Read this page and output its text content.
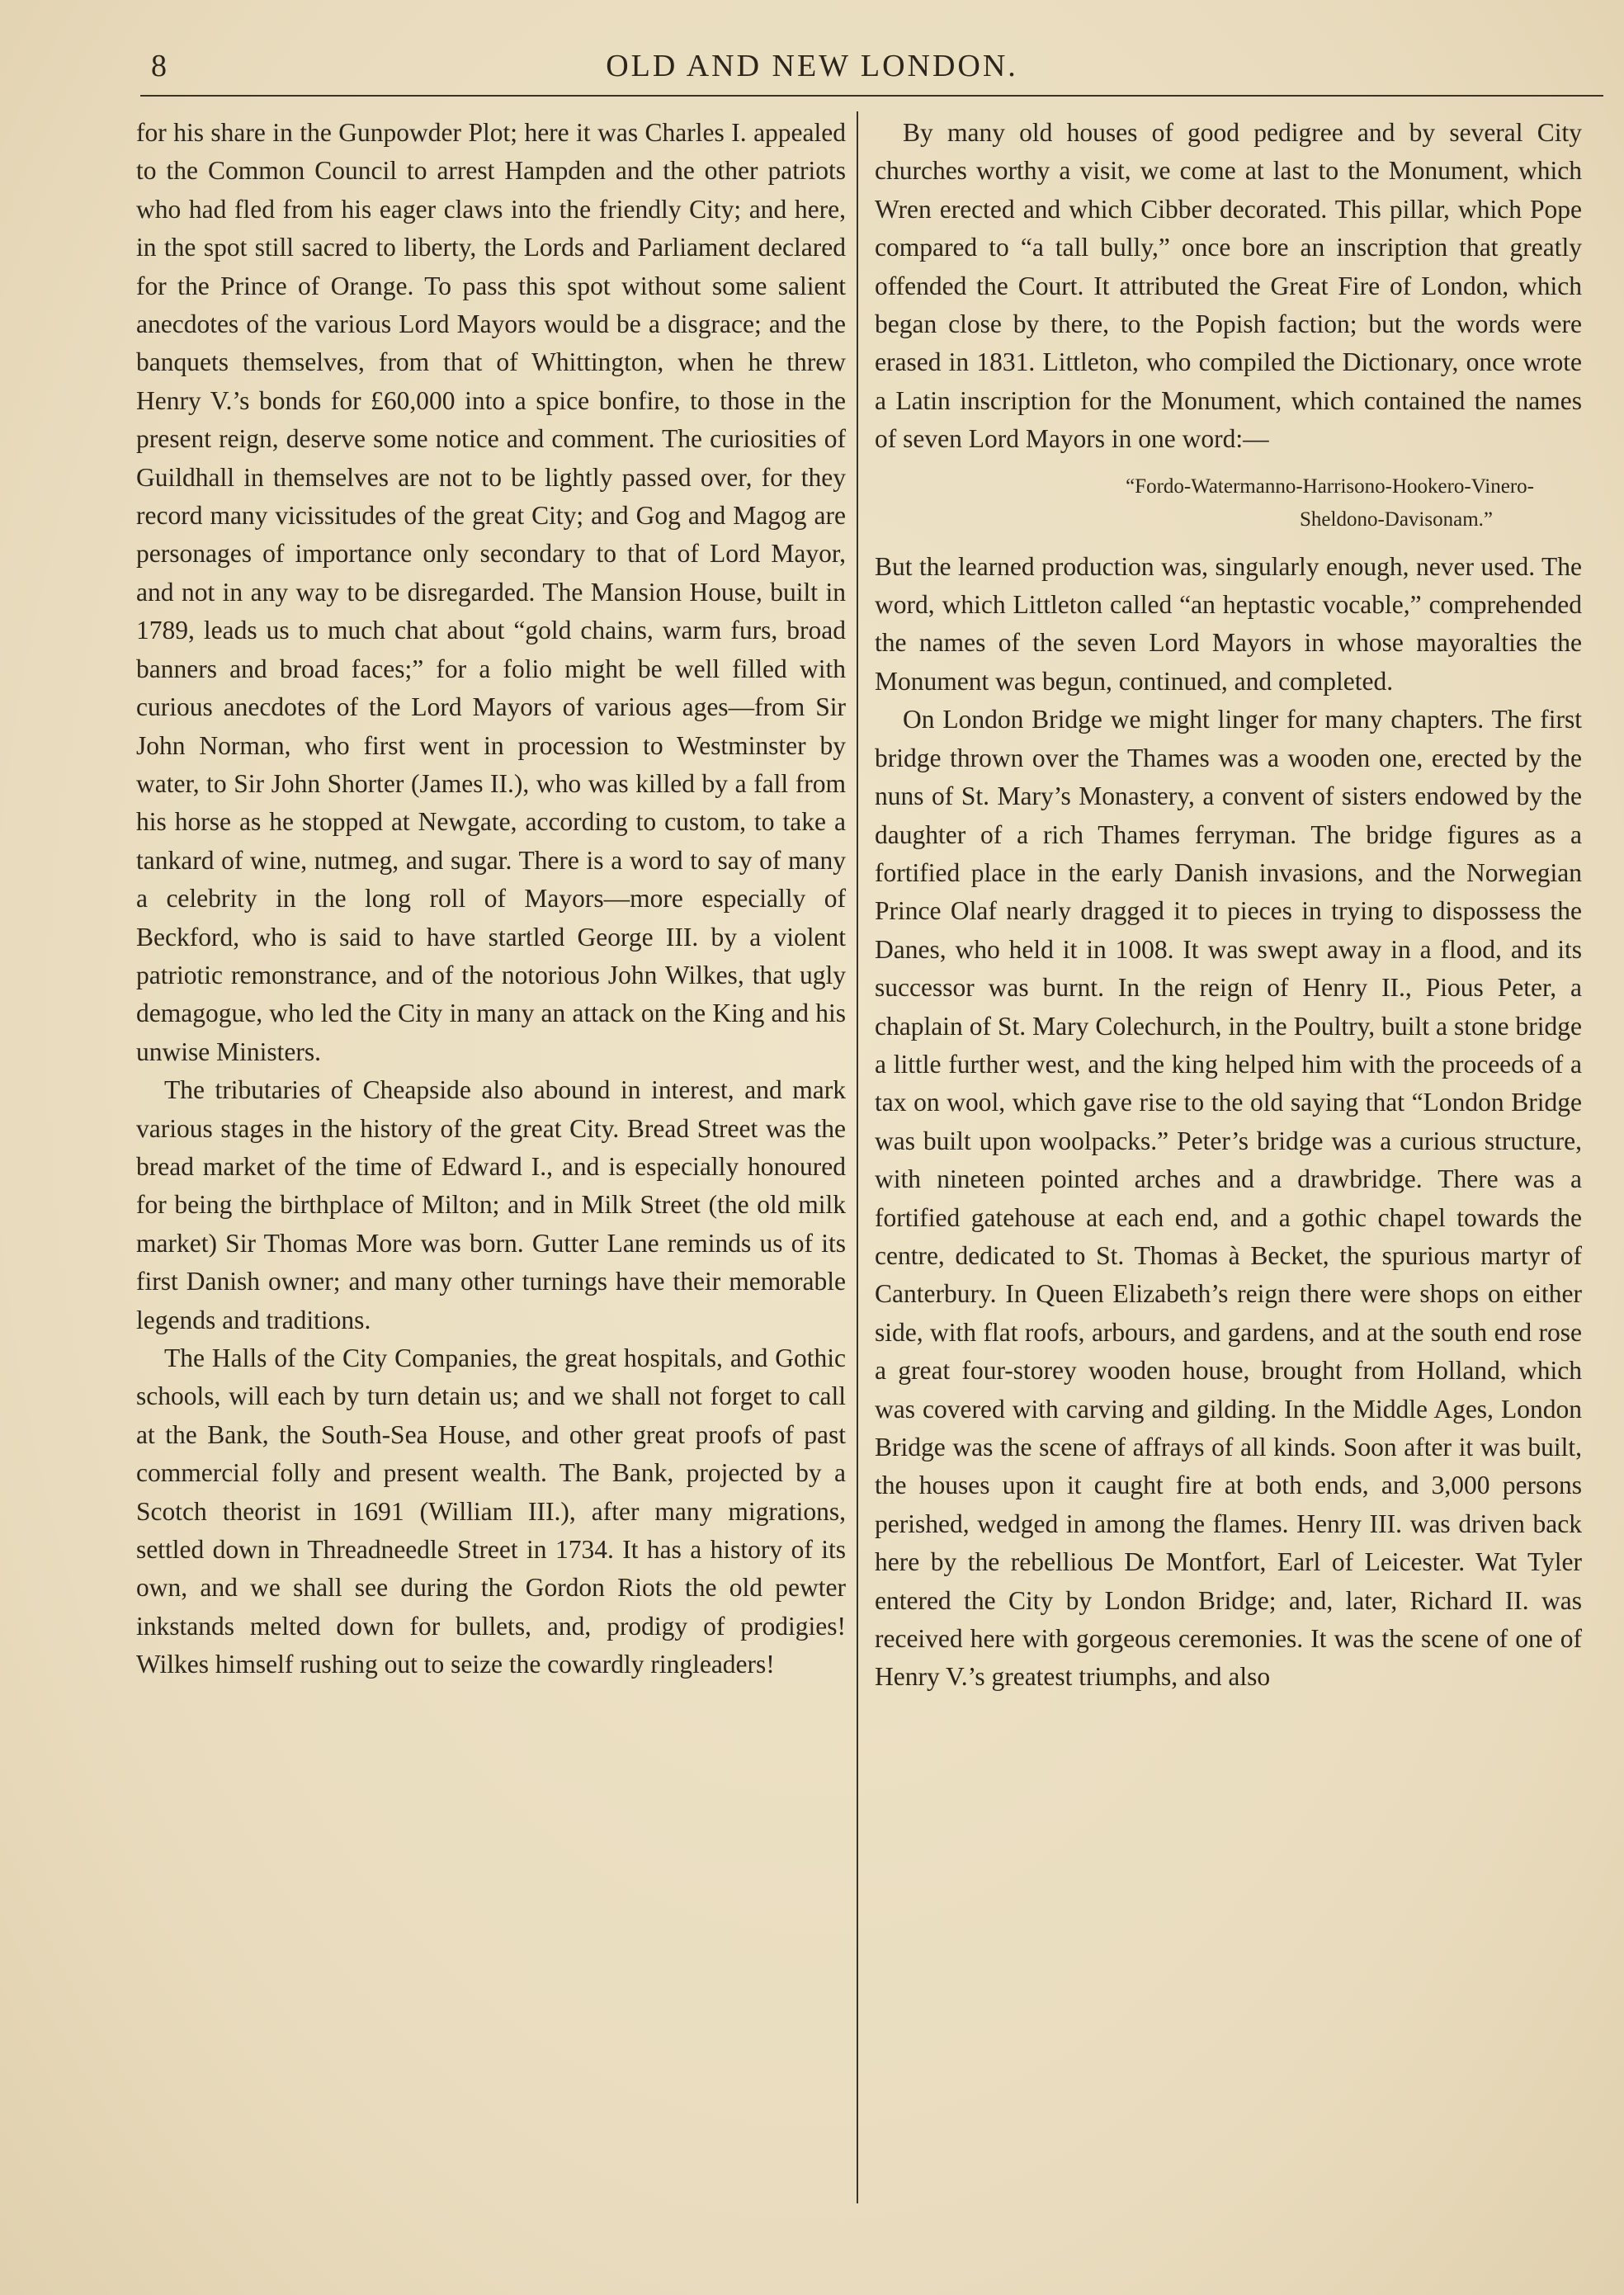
8	OLD AND NEW LONDON.

for his share in the Gunpowder Plot; here it was Charles I. appealed to the Common Council to arrest Hampden and the other patriots who had fled from his eager claws into the friendly City; and here, in the spot still sacred to liberty, the Lords and Parliament declared for the Prince of Orange. To pass this spot without some salient anecdotes of the various Lord Mayors would be a disgrace; and the banquets themselves, from that of Whittington, when he threw Henry V.’s bonds for £60,000 into a spice bonfire, to those in the present reign, deserve some notice and comment. The curiosities of Guildhall in themselves are not to be lightly passed over, for they record many vicissitudes of the great City; and Gog and Magog are personages of importance only secondary to that of Lord Mayor, and not in any way to be disregarded. The Mansion House, built in 1789, leads us to much chat about “gold chains, warm furs, broad banners and broad faces;” for a folio might be well filled with curious anecdotes of the Lord Mayors of various ages—from Sir John Norman, who first went in procession to Westminster by water, to Sir John Shorter (James II.), who was killed by a fall from his horse as he stopped at Newgate, according to custom, to take a tankard of wine, nutmeg, and sugar. There is a word to say of many a celebrity in the long roll of Mayors—more especially of Beckford, who is said to have startled George III. by a violent patriotic remonstrance, and of the notorious John Wilkes, that ugly demagogue, who led the City in many an attack on the King and his unwise Ministers.

The tributaries of Cheapside also abound in interest, and mark various stages in the history of the great City. Bread Street was the bread market of the time of Edward I., and is especially honoured for being the birthplace of Milton; and in Milk Street (the old milk market) Sir Thomas More was born. Gutter Lane reminds us of its first Danish owner; and many other turnings have their memorable legends and traditions.

The Halls of the City Companies, the great hospitals, and Gothic schools, will each by turn detain us; and we shall not forget to call at the Bank, the South-Sea House, and other great proofs of past commercial folly and present wealth. The Bank, projected by a Scotch theorist in 1691 (William III.), after many migrations, settled down in Threadneedle Street in 1734. It has a history of its own, and we shall see during the Gordon Riots the old pewter inkstands melted down for bullets, and, prodigy of prodigies! Wilkes himself rushing out to seize the cowardly ringleaders!

By many old houses of good pedigree and by several City churches worthy a visit, we come at last to the Monument, which Wren erected and which Cibber decorated. This pillar, which Pope compared to “a tall bully,” once bore an inscription that greatly offended the Court. It attributed the Great Fire of London, which began close by there, to the Popish faction; but the words were erased in 1831. Littleton, who compiled the Dictionary, once wrote a Latin inscription for the Monument, which contained the names of seven Lord Mayors in one word:—

“Fordo-Watermanno-Harrisono-Hookero-Vinero-
Sheldono-Davisonam.”

But the learned production was, singularly enough, never used. The word, which Littleton called “an heptastic vocable,” comprehended the names of the seven Lord Mayors in whose mayoralties the Monument was begun, continued, and completed.

On London Bridge we might linger for many chapters. The first bridge thrown over the Thames was a wooden one, erected by the nuns of St. Mary’s Monastery, a convent of sisters endowed by the daughter of a rich Thames ferryman. The bridge figures as a fortified place in the early Danish invasions, and the Norwegian Prince Olaf nearly dragged it to pieces in trying to dispossess the Danes, who held it in 1008. It was swept away in a flood, and its successor was burnt. In the reign of Henry II., Pious Peter, a chaplain of St. Mary Colechurch, in the Poultry, built a stone bridge a little further west, and the king helped him with the proceeds of a tax on wool, which gave rise to the old saying that “London Bridge was built upon woolpacks.” Peter’s bridge was a curious structure, with nineteen pointed arches and a drawbridge. There was a fortified gatehouse at each end, and a gothic chapel towards the centre, dedicated to St. Thomas à Becket, the spurious martyr of Canterbury. In Queen Elizabeth’s reign there were shops on either side, with flat roofs, arbours, and gardens, and at the south end rose a great four-storey wooden house, brought from Holland, which was covered with carving and gilding. In the Middle Ages, London Bridge was the scene of affrays of all kinds. Soon after it was built, the houses upon it caught fire at both ends, and 3,000 persons perished, wedged in among the flames. Henry III. was driven back here by the rebellious De Montfort, Earl of Leicester. Wat Tyler entered the City by London Bridge; and, later, Richard II. was received here with gorgeous ceremonies. It was the scene of one of Henry V.’s greatest triumphs, and also
